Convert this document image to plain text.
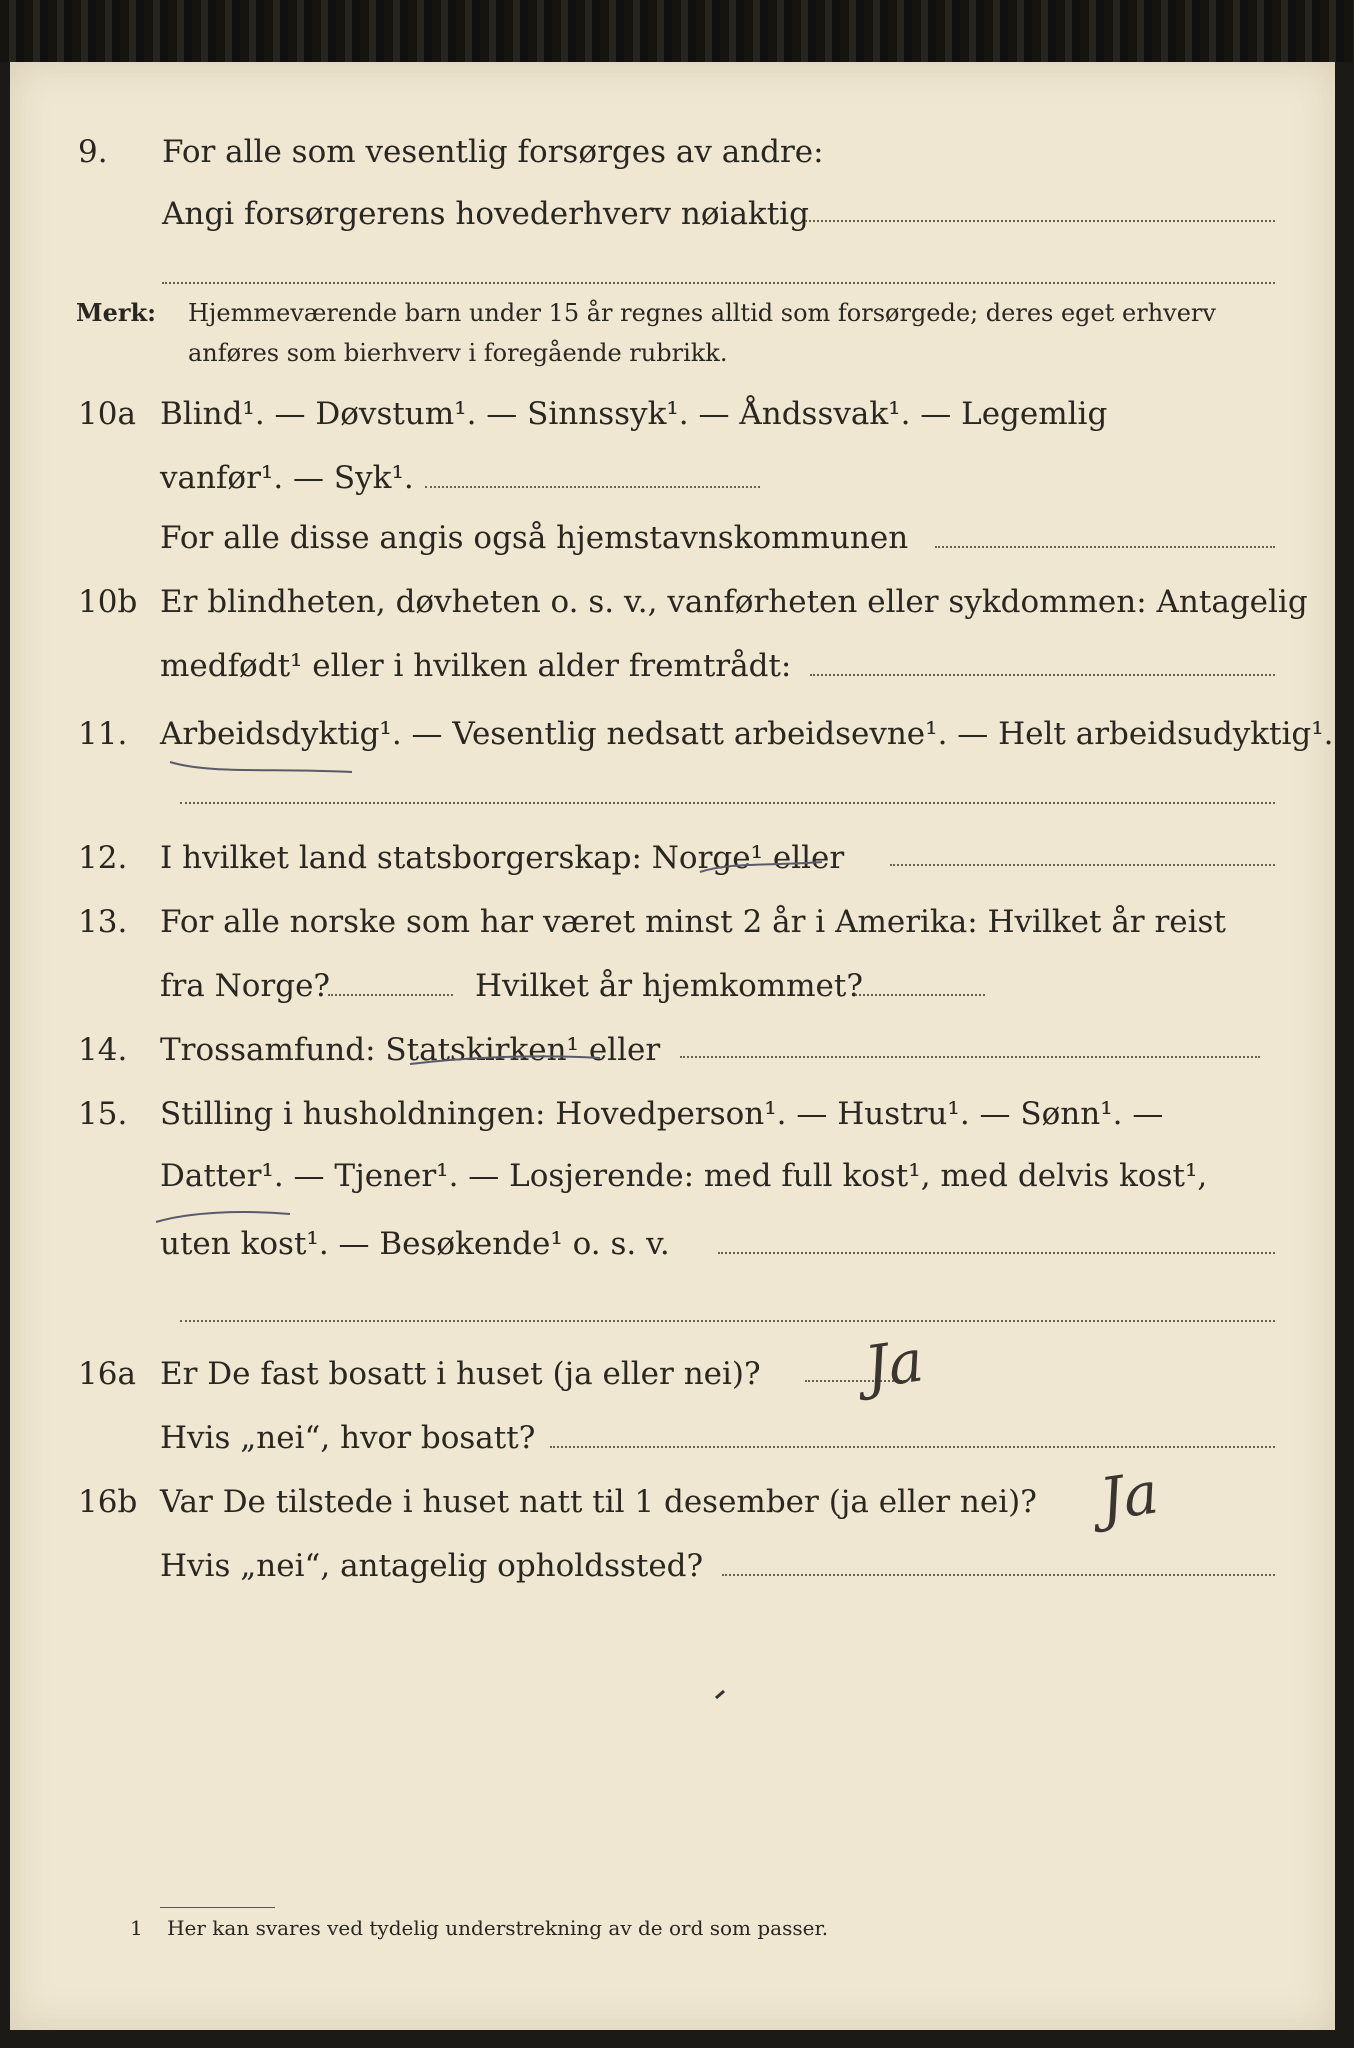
9. For alle som vesentlig forsørges av andre:
Angi forsørgerens hovederhverv nøiaktig
Merk: Hjemmeværende barn under 15 år regnes alltid som forsørgede; deres eget erhverv
anføres som bierhverv i foregående rubrikk.
10a Blind¹. — Døvstum¹. — Sinnssyk¹. — Åndssvak¹. — Legemlig
vanfør¹. — Syk¹.
For alle disse angis også hjemstavnskommunen
10b Er blindheten, døvheten o. s. v., vanførheten eller sykdommen: Antagelig
medfødt¹ eller i hvilken alder fremtrådt:
11. Arbeidsdyktig¹. — Vesentlig nedsatt arbeidsevne¹. — Helt arbeidsudyktig¹.
12. I hvilket land statsborgerskap: Norge¹ eller
13. For alle norske som har været minst 2 år i Amerika: Hvilket år reist
fra Norge?	Hvilket år hjemkommet?
14. Trossamfund: Statskirken¹ eller
15. Stilling i husholdningen: Hovedperson¹. — Hustru¹. — Sønn¹. —
Datter¹. — Tjener¹. — Losjerende: med full kost¹, med delvis kost¹,
uten kost¹. — Besøkende¹ o. s. v.
16a Er De fast bosatt i huset (ja eller nei)?	Ja
Hvis „nei“, hvor bosatt?
16b Var De tilstede i huset natt til 1 desember (ja eller nei)?	Ja
Hvis „nei“, antagelig opholdssted?
1 Her kan svares ved tydelig understrekning av de ord som passer.
